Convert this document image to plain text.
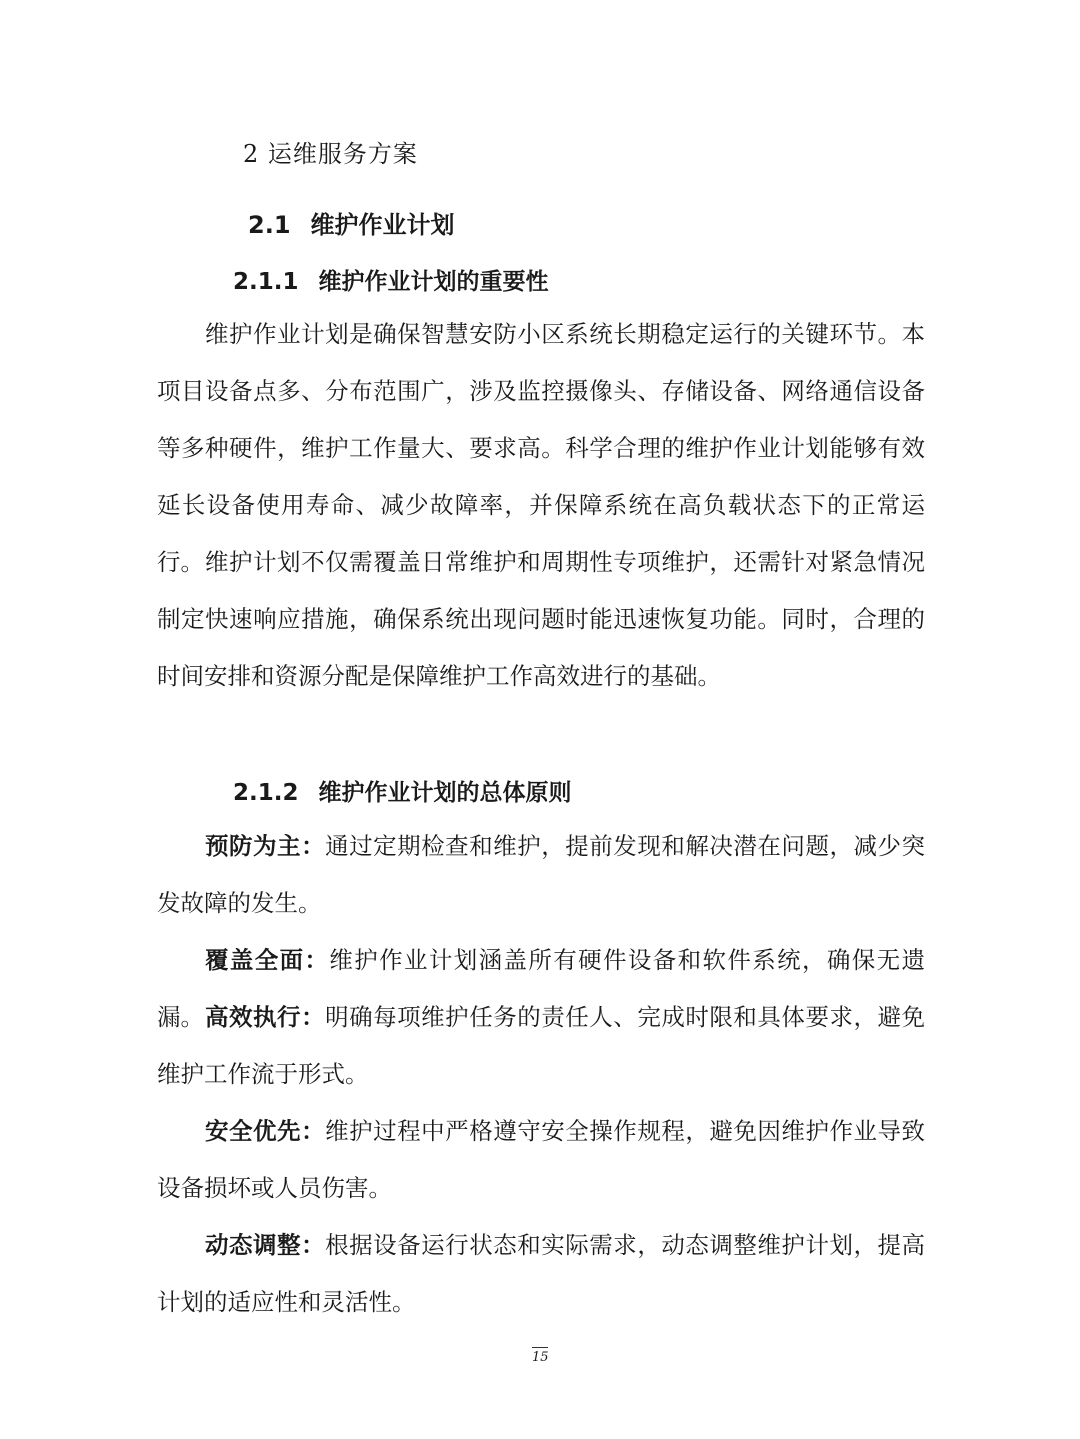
2 运维服务方案
2.1 维护作业计划
2.1.1 维护作业计划的重要性

维护作业计划是确保智慧安防小区系统长期稳定运行的关键环节。本项目设备点多、分布范围广，涉及监控摄像头、存储设备、网络通信设备等多种硬件，维护工作量大、要求高。科学合理的维护作业计划能够有效延长设备使用寿命、减少故障率，并保障系统在高负载状态下的正常运行。 维护计划不仅需覆盖日常维护和周期性专项维护，还需针对紧急情况制定快速响应措施，确保系统出现问题时能迅速恢复功能。同时，合理的时间安排和资源分配是保障维护工作高效进行的基础。

2.1.2 维护作业计划的总体原则

预防为主：通过定期检查和维护，提前发现和解决潜在问题，减少突发故障的发生。

覆盖全面：维护作业计划涵盖所有硬件设备和软件系统，确保无遗漏。 高效执行：明确每项维护任务的责任人、完成时限和具体要求，避免维护工作流于形式。

安全优先：维护过程中严格遵守安全操作规程，避免因维护作业导致设备损坏或人员伤害。

动态调整：根据设备运行状态和实际需求，动态调整维护计划，提高计划的适应性和灵活性。

15
